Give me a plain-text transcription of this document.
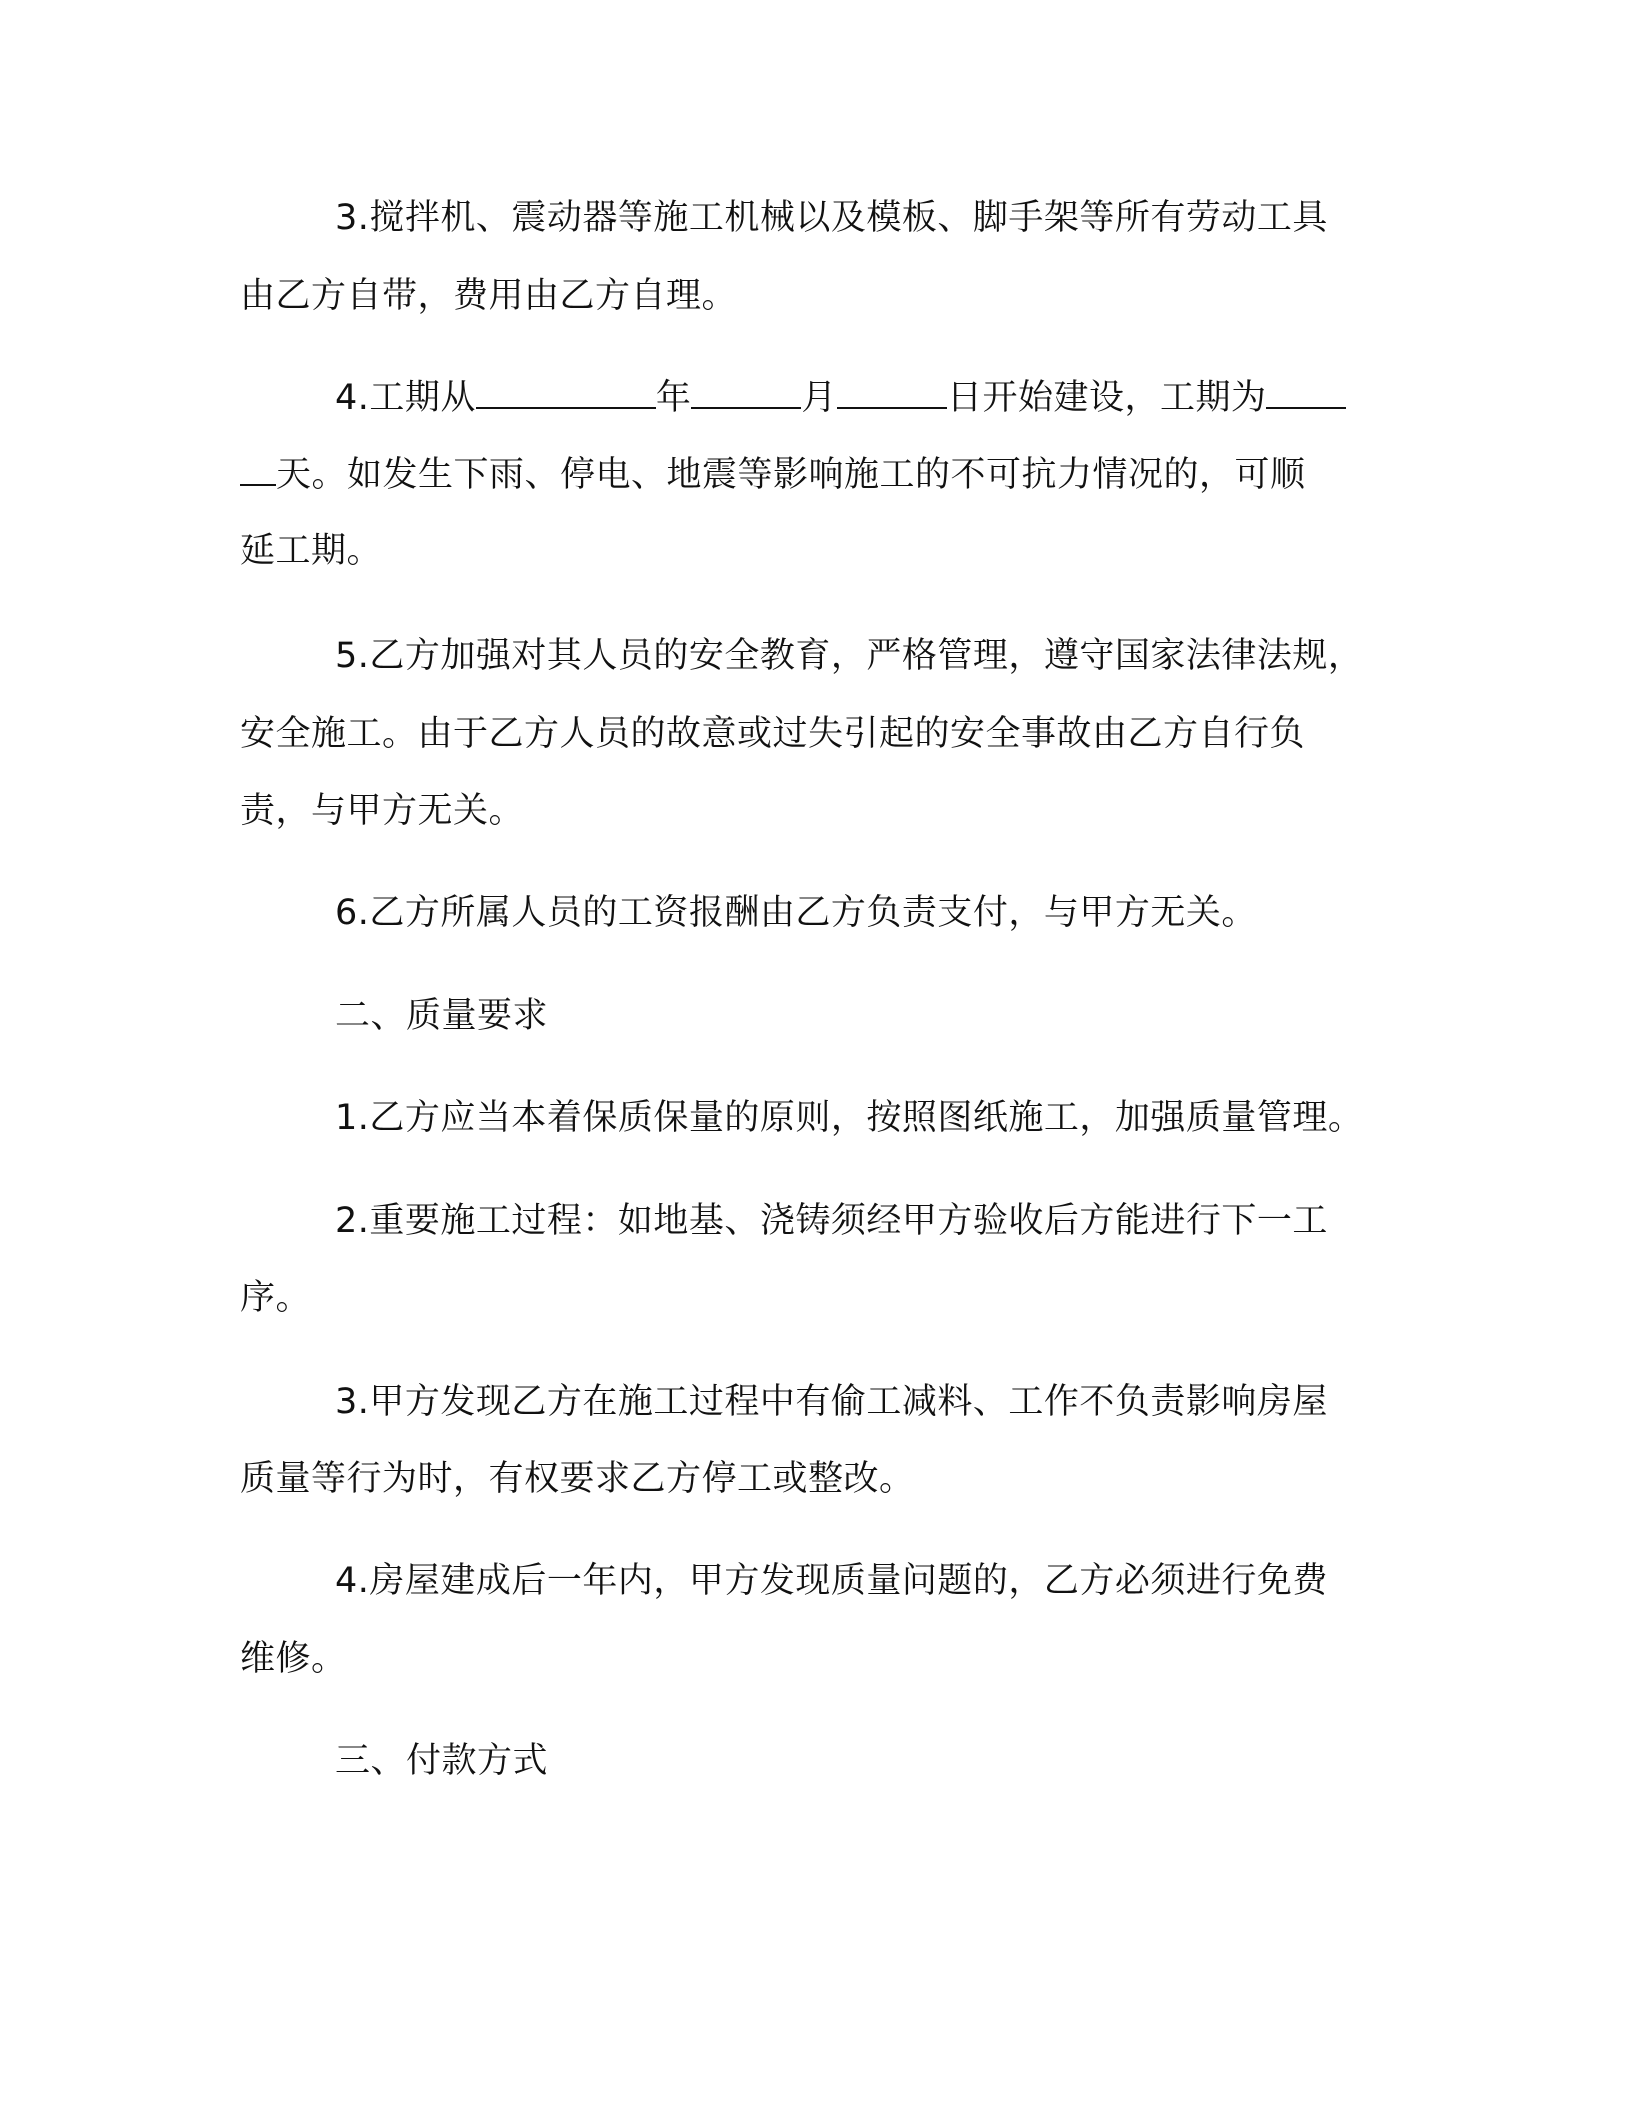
3.搅拌机、震动器等施工机械以及模板、脚手架等所有劳动工具
由乙方自带，费用由乙方自理。
4.工期从	年	月	日开始建设，工期为
天。如发生下雨、停电、地震等影响施工的不可抗力情况的，可顺
延工期。
5.乙方加强对其人员的安全教育，严格管理，遵守国家法律法规，
安全施工。由于乙方人员的故意或过失引起的安全事故由乙方自行负
责，与甲方无关。
6.乙方所属人员的工资报酬由乙方负责支付，与甲方无关。
二、质量要求
1.乙方应当本着保质保量的原则，按照图纸施工，加强质量管理。
2.重要施工过程：如地基、浇铸须经甲方验收后方能进行下一工
序。
3.甲方发现乙方在施工过程中有偷工减料、工作不负责影响房屋
质量等行为时，有权要求乙方停工或整改。
4.房屋建成后一年内，甲方发现质量问题的，乙方必须进行免费
维修。
三、付款方式
